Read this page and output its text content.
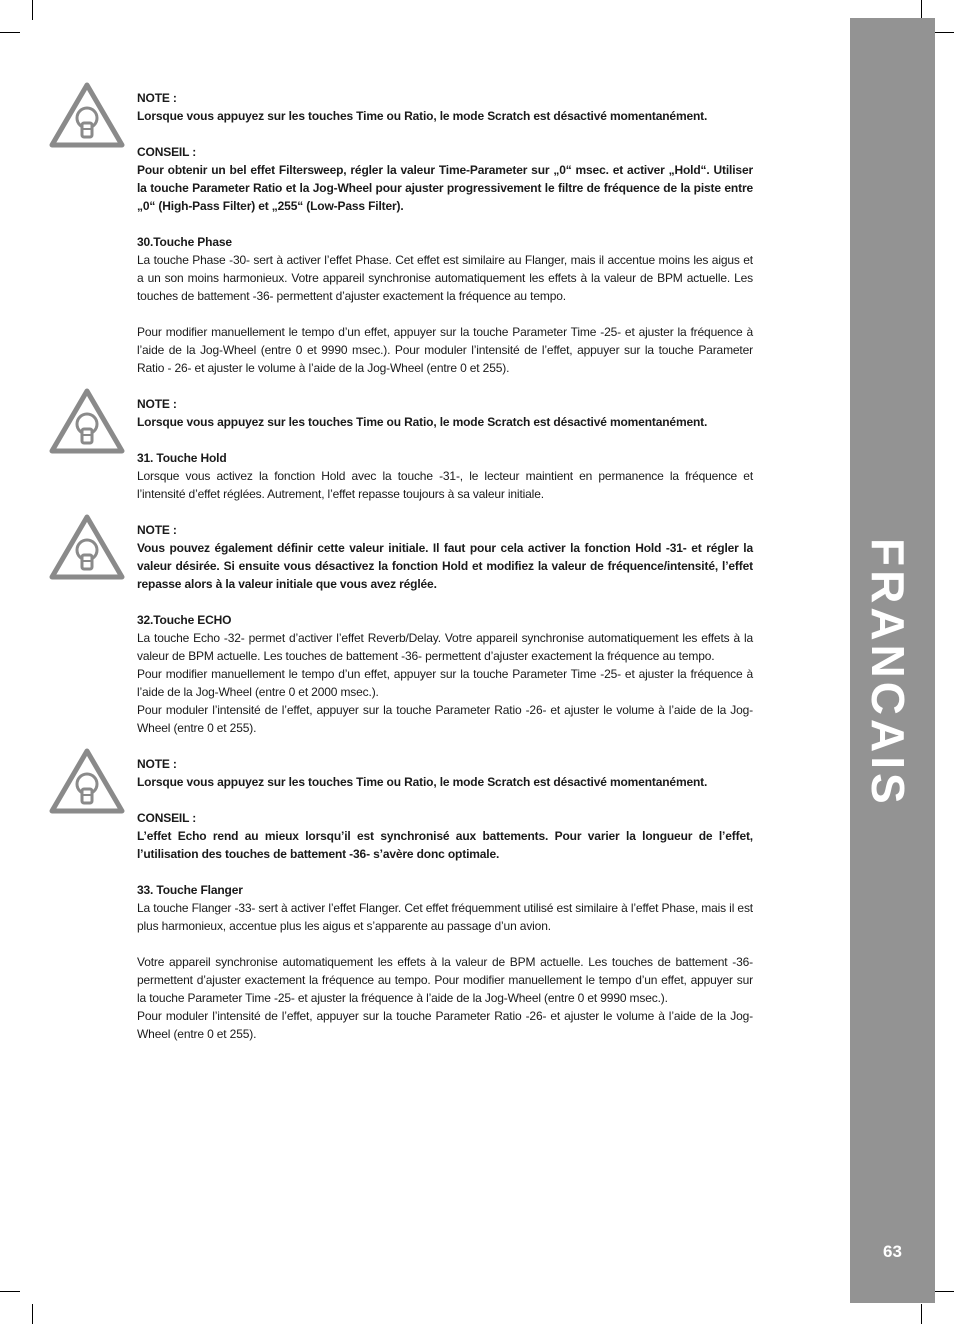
FRANCAIS
63

NOTE :

Lorsque vous appuyez sur les touches Time ou Ratio, le mode Scratch est désactivé momentanément.

CONSEIL :

Pour obtenir un bel effet Filtersweep, régler la valeur Time-Parameter sur „0“ msec. et activer „Hold“. Utiliser la touche Parameter Ratio et la Jog-Wheel pour ajuster progressivement le filtre de fréquence de la piste entre „0“ (High-Pass Filter) et „255“ (Low-Pass Filter).

30.Touche Phase

La touche Phase -30- sert à activer l’effet Phase. Cet effet est similaire au Flanger, mais il accentue moins les aigus et a un son moins harmonieux. Votre appareil synchronise automatiquement les effets à la valeur de BPM actuelle. Les touches de battement -36- permettent d’ajuster exactement la fréquence au tempo.

Pour modifier manuellement le tempo d’un effet, appuyer sur la touche Parameter Time -25- et ajuster la fréquence à l’aide de la Jog-Wheel (entre 0 et 9990 msec.). Pour moduler l’intensité de l’effet, appuyer sur la touche Parameter Ratio - 26- et ajuster le volume à l’aide de la Jog-Wheel (entre 0 et 255).

NOTE :

Lorsque vous appuyez sur les touches Time ou Ratio, le mode Scratch est désactivé momentanément.

31. Touche Hold

Lorsque vous activez la fonction Hold avec la touche -31-, le lecteur maintient en permanence la fréquence et l’intensité d’effet réglées. Autrement, l’effet repasse toujours à sa valeur initiale.

NOTE :

Vous pouvez également définir cette valeur initiale. Il faut pour cela activer la fonction Hold -31- et régler la valeur désirée. Si ensuite vous désactivez la fonction Hold et modifiez la valeur de fréquence/intensité, l’effet repasse alors à la valeur initiale que vous avez réglée.

32.Touche ECHO

La touche Echo -32- permet d’activer l’effet Reverb/Delay. Votre appareil synchronise automatiquement les effets à la valeur de BPM actuelle. Les touches de battement -36- permettent d’ajuster exactement la fréquence au tempo.

Pour modifier manuellement le tempo d’un effet, appuyer sur la touche Parameter Time -25- et ajuster la fréquence à l’aide de la Jog-Wheel (entre 0 et 2000 msec.).

Pour moduler l’intensité de l’effet, appuyer sur la touche Parameter Ratio -26- et ajuster le volume à l’aide de la Jog-Wheel (entre 0 et 255).

NOTE :

Lorsque vous appuyez sur les touches Time ou Ratio, le mode Scratch est désactivé momentanément.

CONSEIL :

L’effet Echo rend au mieux lorsqu’il est synchronisé aux battements. Pour varier la longueur de l’effet, l’utilisation des touches de battement -36- s’avère donc optimale.

33. Touche Flanger

La touche Flanger -33- sert à activer l’effet Flanger. Cet effet fréquemment utilisé est similaire à l’effet Phase, mais il est plus harmonieux, accentue plus les aigus et s’apparente au passage d’un avion.

Votre appareil synchronise automatiquement les effets à la valeur de BPM actuelle. Les touches de battement -36- permettent d’ajuster exactement la fréquence au tempo. Pour modifier manuellement le tempo d’un effet, appuyer sur la touche Parameter Time -25- et ajuster la fréquence à l’aide de la Jog-Wheel (entre 0 et 9990 msec.).

Pour moduler l’intensité de l’effet, appuyer sur la touche Parameter Ratio -26- et ajuster le volume à l’aide de la Jog-Wheel (entre 0 et 255).
